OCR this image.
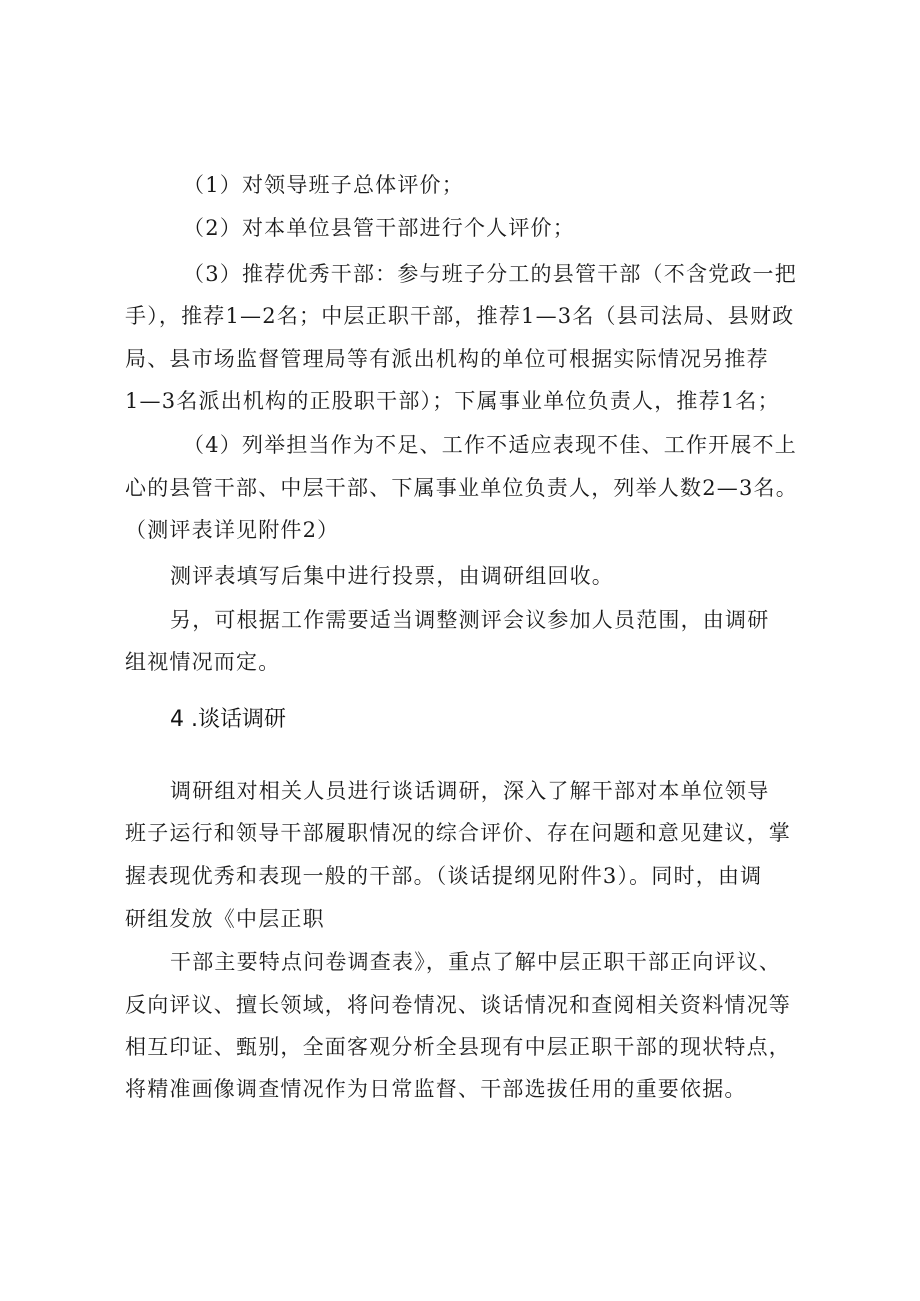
（1）对领导班子总体评价；
（2）对本单位县管干部进行个人评价；
（3）推荐优秀干部：参与班子分工的县管干部（不含党政一把
手），推荐1—2名；中层正职干部，推荐1—3名（县司法局、县财政
局、县市场监督管理局等有派出机构的单位可根据实际情况另推荐
1—3名派出机构的正股职干部）；下属事业单位负责人，推荐1名；
（4）列举担当作为不足、工作不适应表现不佳、工作开展不上
心的县管干部、中层干部、下属事业单位负责人，列举人数2—3名。
（测评表详见附件2）
测评表填写后集中进行投票，由调研组回收。
另，可根据工作需要适当调整测评会议参加人员范围，由调研
组视情况而定。
4 .谈话调研
调研组对相关人员进行谈话调研，深入了解干部对本单位领导
班子运行和领导干部履职情况的综合评价、存在问题和意见建议，掌
握表现优秀和表现一般的干部。（谈话提纲见附件3）。同时，由调
研组发放《中层正职
干部主要特点问卷调查表》，重点了解中层正职干部正向评议、
反向评议、擅长领域，将问卷情况、谈话情况和查阅相关资料情况等
相互印证、甄别，全面客观分析全县现有中层正职干部的现状特点，
将精准画像调查情况作为日常监督、干部选拔任用的重要依据。
